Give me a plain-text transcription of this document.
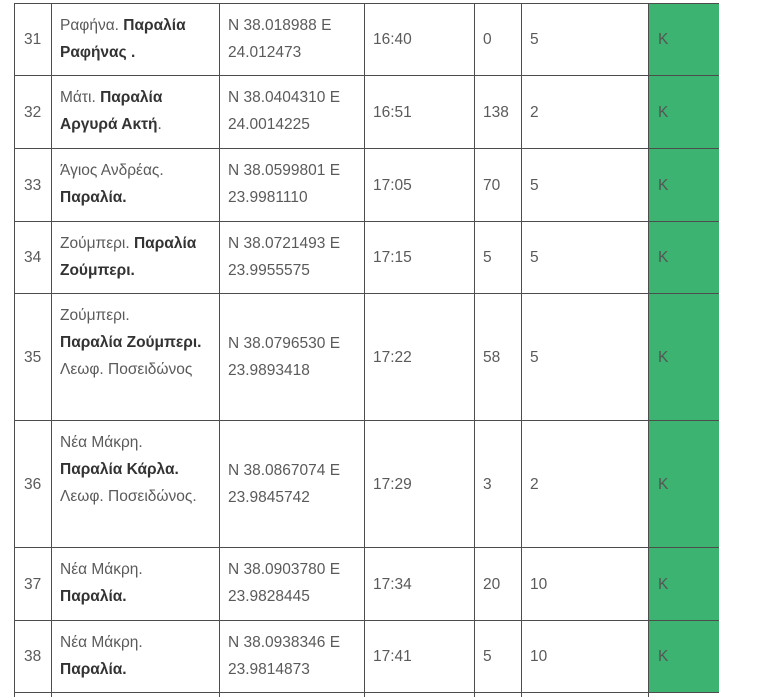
31	Ραφήνα. Παραλία Ραφήνας .	N 38.018988 E
24.012473	16:40	0	5	Κ
32	Μάτι. Παραλία Αργυρά Ακτή.	N 38.0404310 E
24.0014225	16:51	138	2	Κ
33	Άγιος Ανδρέας.
Παραλία.	N 38.0599801 E
23.9981110	17:05	70	5	Κ
34	Ζούμπερι. Παραλία Ζούμπερι.	N 38.0721493 E
23.9955575	17:15	5	5	Κ
35	Ζούμπερι.
Παραλία Ζούμπερι. Λεωφ. Ποσειδώνος	N 38.0796530 E
23.9893418	17:22	58	5	Κ
36	Νέα Μάκρη.
Παραλία Κάρλα.
Λεωφ. Ποσειδώνος.	N 38.0867074 E
23.9845742	17:29	3	2	Κ
37	Νέα Μάκρη.
Παραλία.	N 38.0903780 E
23.9828445	17:34	20	10	Κ
38	Νέα Μάκρη.
Παραλία.	N 38.0938346 E
23.9814873	17:41	5	10	Κ
